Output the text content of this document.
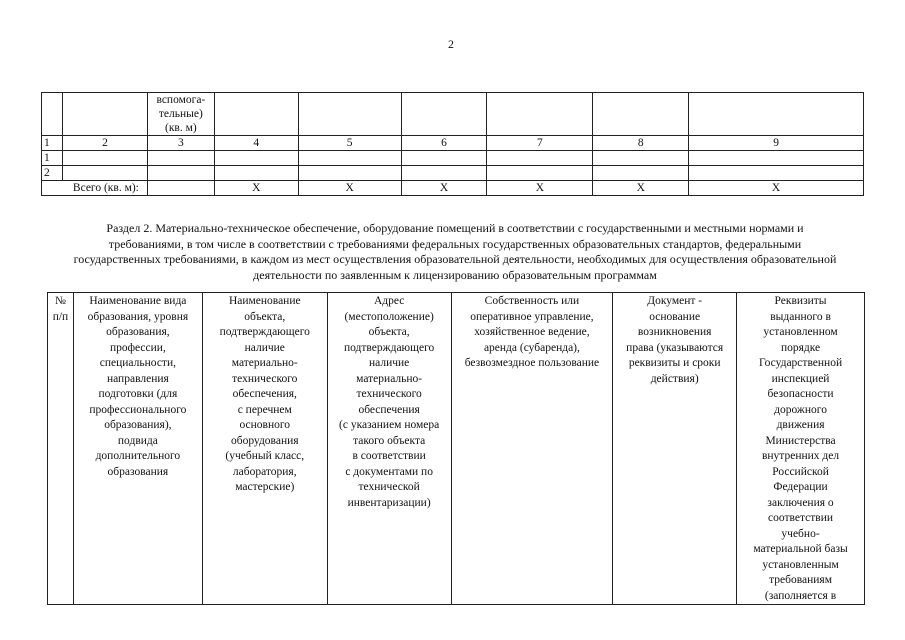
2
		вспомога-
тельные)
(кв. м)						
1	2	3	4	5	6	7	8	9
1								
2								
Всего (кв. м):			X	X	X	X	X	X
Раздел 2. Материально-техническое обеспечение, оборудование помещений в соответствии с государственными и местными нормами и требованиями, в том числе в соответствии с требованиями федеральных государственных образовательных стандартов, федеральными государственных требованиями, в каждом из мест осуществления образовательной деятельности, необходимых для осуществления образовательной деятельности по заявленным к лицензированию образовательным программам
№
п/п	Наименование вида
образования, уровня
образования,
профессии,
специальности,
направления
подготовки (для
профессионального
образования),
подвида
дополнительного
образования	Наименование
объекта,
подтверждающего
наличие
материально-
технического
обеспечения,
с перечнем
основного
оборудования
(учебный класс,
лаборатория,
мастерские)	Адрес
(местоположение)
объекта,
подтверждающего
наличие
материально-
технического
обеспечения
(с указанием номера
такого объекта
в соответствии
с документами по
технической
инвентаризации)	Собственность или
оперативное управление,
хозяйственное ведение,
аренда (субаренда),
безвозмездное пользование	Документ -
основание
возникновения
права (указываются
реквизиты и сроки
действия)	Реквизиты
выданного в
установленном
порядке
Государственной
инспекцией
безопасности
дорожного
движения
Министерства
внутренних дел
Российской
Федерации
заключения о
соответствии
учебно-
материальной базы
установленным
требованиям
(заполняется в
